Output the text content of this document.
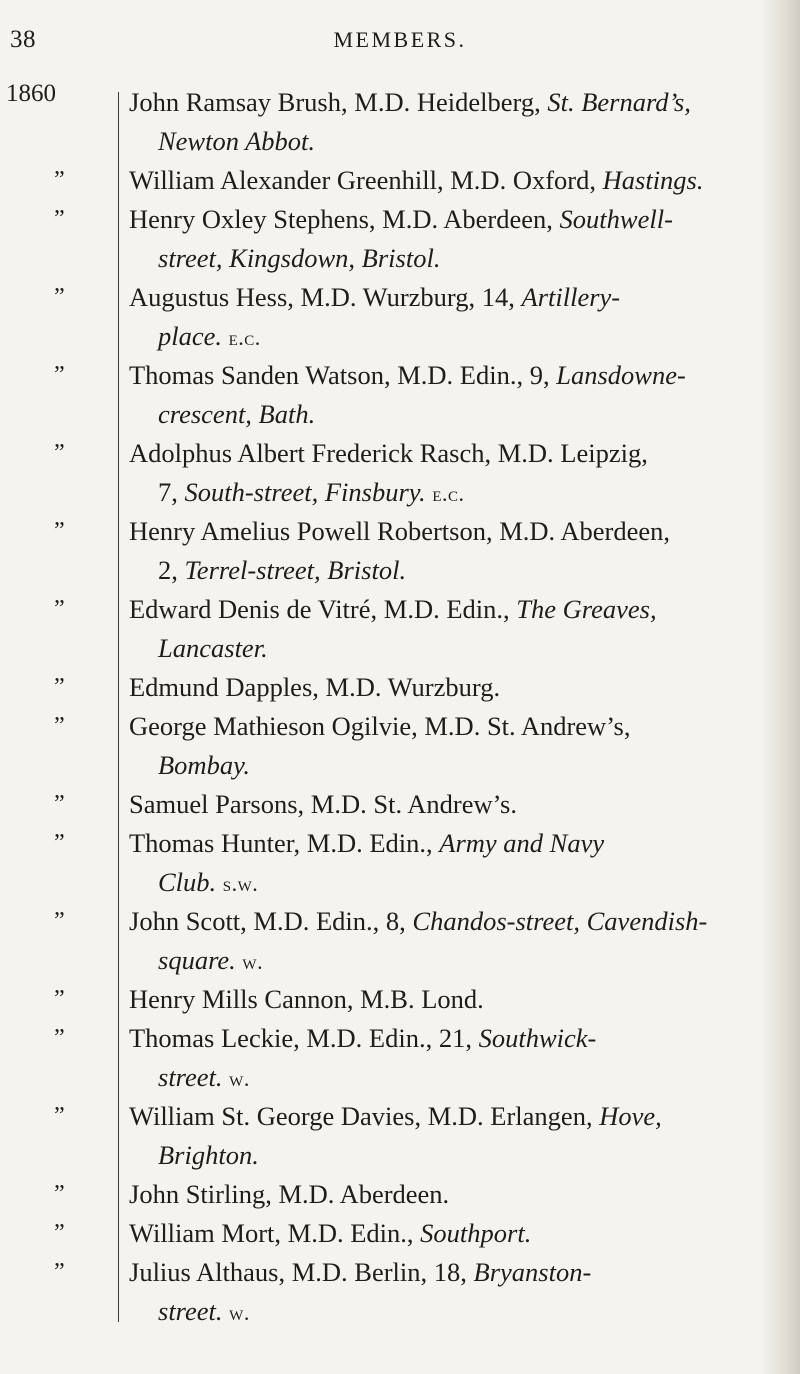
38	MEMBERS.
1860	John Ramsay Brush, M.D. Heidelberg, St. Bernard’s,
Newton Abbot.
”	William Alexander Greenhill, M.D. Oxford, Hastings.
”	Henry Oxley Stephens, M.D. Aberdeen, Southwell-
street, Kingsdown, Bristol.
”	Augustus Hess, M.D. Wurzburg, 14, Artillery-
place. e.c.
”	Thomas Sanden Watson, M.D. Edin., 9, Lansdowne-
crescent, Bath.
”	Adolphus Albert Frederick Rasch, M.D. Leipzig,
7, South-street, Finsbury. e.c.
”	Henry Amelius Powell Robertson, M.D. Aberdeen,
2, Terrel-street, Bristol.
”	Edward Denis de Vitré, M.D. Edin., The Greaves,
Lancaster.
”	Edmund Dapples, M.D. Wurzburg.
”	George Mathieson Ogilvie, M.D. St. Andrew’s,
Bombay.
”	Samuel Parsons, M.D. St. Andrew’s.
”	Thomas Hunter, M.D. Edin., Army and Navy
Club. s.w.
”	John Scott, M.D. Edin., 8, Chandos-street, Cavendish-
square. w.
”	Henry Mills Cannon, M.B. Lond.
”	Thomas Leckie, M.D. Edin., 21, Southwick-
street. w.
”	William St. George Davies, M.D. Erlangen, Hove,
Brighton.
”	John Stirling, M.D. Aberdeen.
”	William Mort, M.D. Edin., Southport.
”	Julius Althaus, M.D. Berlin, 18, Bryanston-
street. w.
